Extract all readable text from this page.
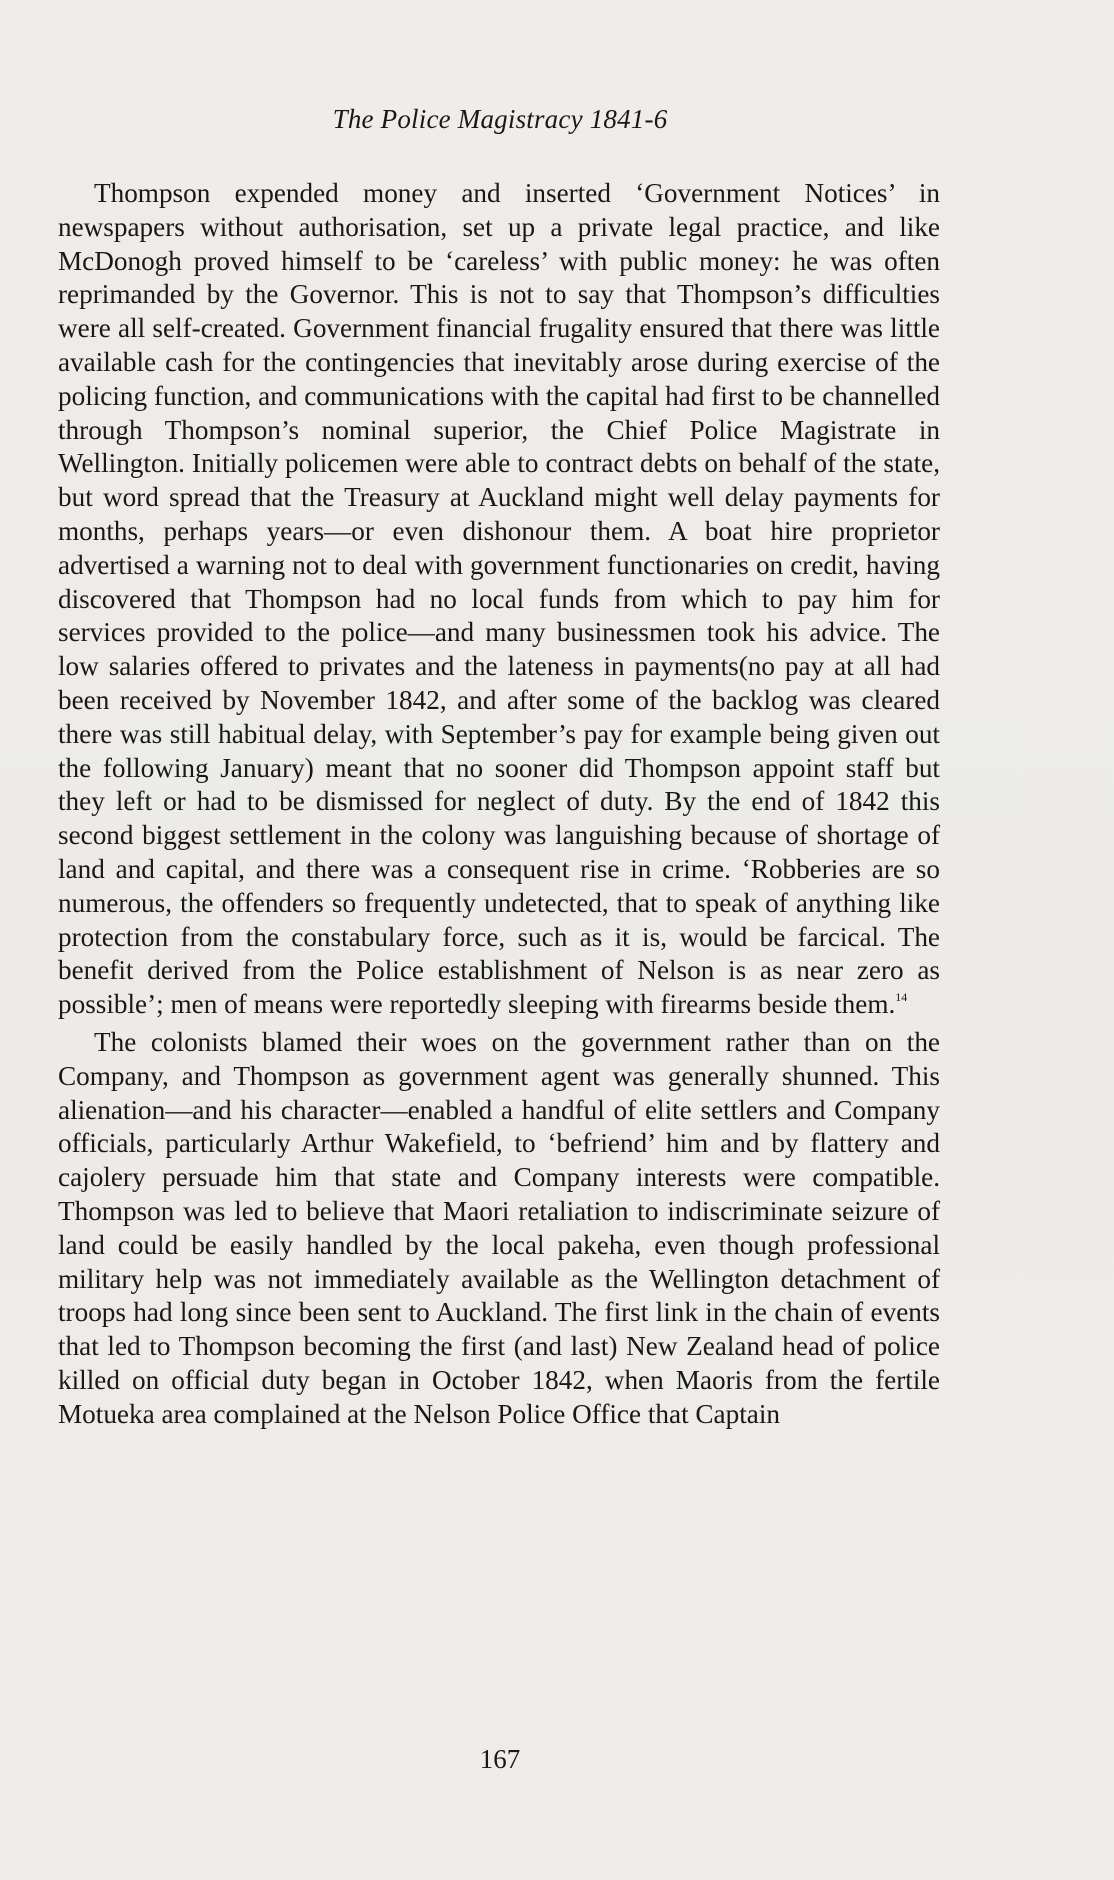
The Police Magistracy 1841-6

Thompson expended money and inserted ‘Government Notices’ in newspapers without authorisation, set up a private legal practice, and like McDonogh proved himself to be ‘careless’ with public money: he was often reprimanded by the Governor. This is not to say that Thompson’s difficulties were all self-created. Government financial frugality ensured that there was little available cash for the contingencies that inevitably arose during exercise of the policing function, and communications with the capital had first to be channelled through Thompson’s nominal superior, the Chief Police Magistrate in Wellington. Initially policemen were able to contract debts on behalf of the state, but word spread that the Treasury at Auckland might well delay payments for months, perhaps years—or even dishonour them. A boat hire proprietor advertised a warning not to deal with government functionaries on credit, having discovered that Thompson had no local funds from which to pay him for services provided to the police—and many businessmen took his advice. The low salaries offered to privates and the lateness in payments(no pay at all had been received by November 1842, and after some of the backlog was cleared there was still habitual delay, with September’s pay for example being given out the following January) meant that no sooner did Thompson appoint staff but they left or had to be dismissed for neglect of duty. By the end of 1842 this second biggest settlement in the colony was languishing because of shortage of land and capital, and there was a consequent rise in crime. ‘Robberies are so numerous, the offenders so frequently undetected, that to speak of anything like protection from the constabulary force, such as it is, would be farcical. The benefit derived from the Police establishment of Nelson is as near zero as possible’; men of means were reportedly sleeping with firearms beside them.$^{14}$

The colonists blamed their woes on the government rather than on the Company, and Thompson as government agent was generally shunned. This alienation—and his character—enabled a handful of elite settlers and Company officials, particularly Arthur Wakefield, to ‘befriend’ him and by flattery and cajolery persuade him that state and Company interests were compatible. Thompson was led to believe that Maori retaliation to indiscriminate seizure of land could be easily handled by the local pakeha, even though professional military help was not immediately available as the Wellington detachment of troops had long since been sent to Auckland. The first link in the chain of events that led to Thompson becoming the first (and last) New Zealand head of police killed on official duty began in October 1842, when Maoris from the fertile Motueka area complained at the Nelson Police Office that Captain

167
